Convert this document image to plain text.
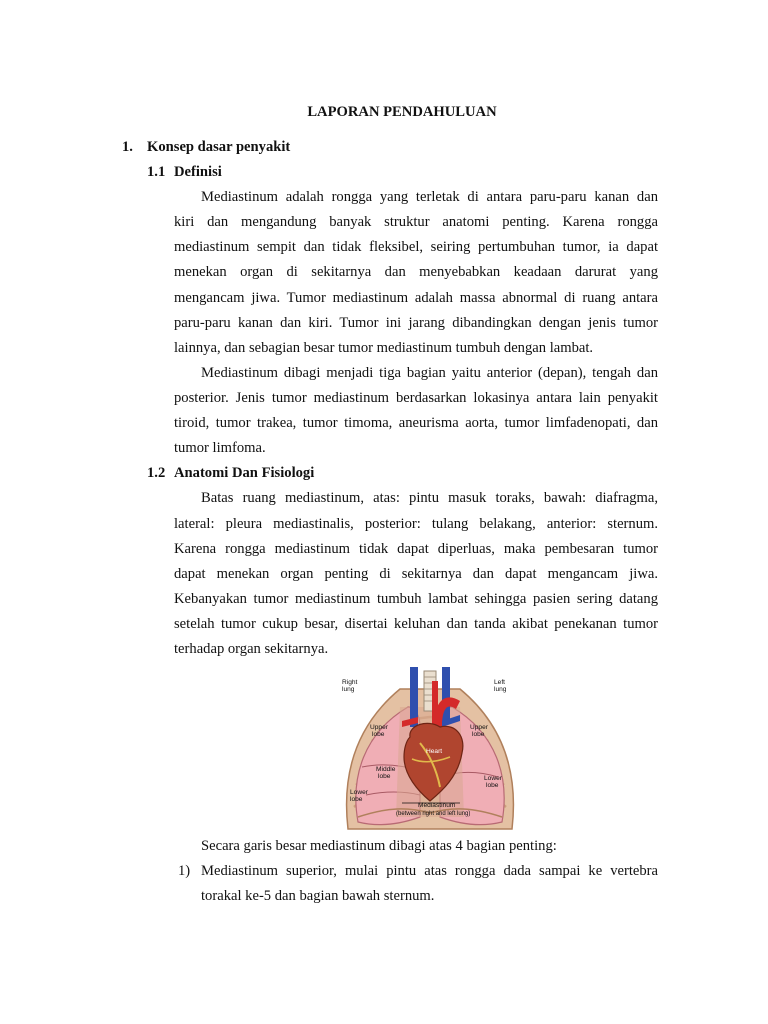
LAPORAN PENDAHULUAN
1. Konsep dasar penyakit
1.1 Definisi
Mediastinum adalah rongga yang terletak di antara paru-paru kanan dan
kiri dan mengandung banyak struktur anatomi penting. Karena rongga
mediastinum sempit dan tidak fleksibel, seiring pertumbuhan tumor, ia dapat
menekan organ di sekitarnya dan menyebabkan keadaan darurat yang
mengancam jiwa. Tumor mediastinum adalah massa abnormal di ruang antara
paru-paru kanan dan kiri. Tumor ini jarang dibandingkan dengan jenis tumor
lainnya, dan sebagian besar tumor mediastinum tumbuh dengan lambat.
Mediastinum dibagi menjadi tiga bagian yaitu anterior (depan), tengah dan
posterior. Jenis tumor mediastinum berdasarkan lokasinya antara lain penyakit
tiroid, tumor trakea, tumor timoma, aneurisma aorta, tumor limfadenopati, dan
tumor limfoma.
1.2 Anatomi Dan Fisiologi
Batas ruang mediastinum, atas: pintu masuk toraks, bawah: diafragma,
lateral: pleura mediastinalis, posterior: tulang belakang, anterior: sternum.
Karena rongga mediastinum tidak dapat diperluas, maka pembesaran tumor
dapat menekan organ penting di sekitarnya dan dapat mengancam jiwa.
Kebanyakan tumor mediastinum tumbuh lambat sehingga pasien sering datang
setelah tumor cukup besar, disertai keluhan dan tanda akibat penekanan tumor
terhadap organ sekitarnya.
Right
lung
Left
lung
Upper
lobe
Upper
lobe
Middle
lobe
Lower
lobe
Lower
lobe
Heart
Mediastinum
(between right and left lung)
Secara garis besar mediastinum dibagi atas 4 bagian penting:
1) Mediastinum superior, mulai pintu atas rongga dada sampai ke vertebra
torakal ke-5 dan bagian bawah sternum.
